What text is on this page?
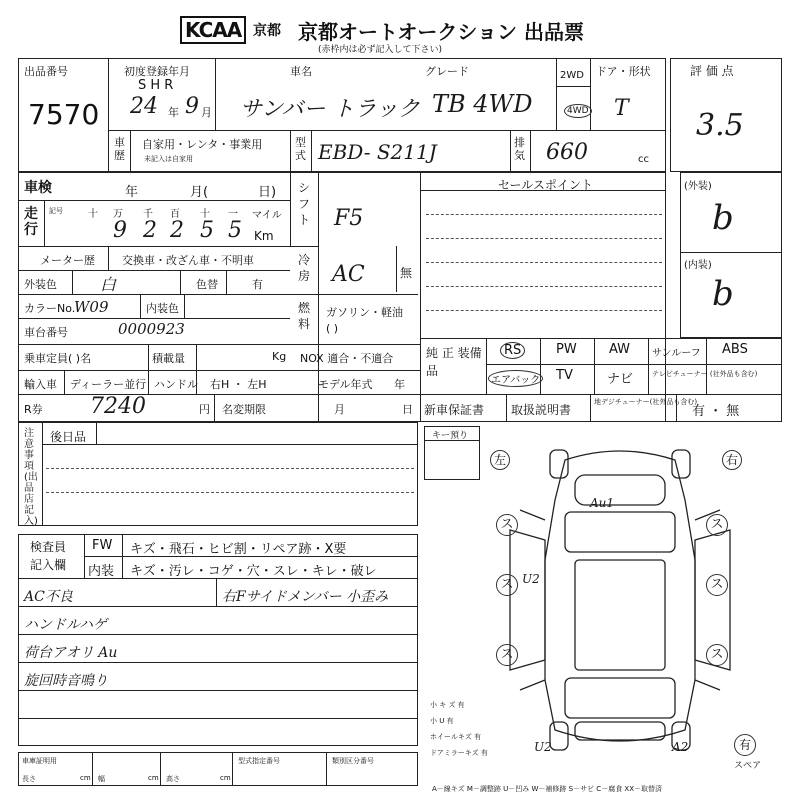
KCAA 京都 京都オートオークション 出品票
(赤枠内は必ず記入して下さい)
出品番号
7570
初度登録年月
S H R
24 年 9 月
車名	グレード
サンバー トラック TB 4WD
2WD
4WD
ドア・形状
T
車歴
自家用・レンタ・事業用
未記入は自家用
型式 EBD- S211J	排気 660	cc
評 価 点
3.5
車検	年	月(	日)
走行
記号	十 万 千 百 十 一 マイル
9 2 2 5 5 Km
シフト F5
セールスポイント
メーター歴 交換車・改ざん車・不明車	冷房 AC	無
外装色	白	色替	有
燃料
ガソリン・軽油
( )
カラーNo.
W09	内装色
車台番号	0000923
乗車定員( )名	積載量	Kg NOX 適合・不適合
輸入車 ディーラー並行 ハンドル 右H ・ 左H	モデル年式 年
R券 7240	円 名変期限	月	日
純 正 装備品
RS	PW AW サンルーフ ABS
エアバック TV	ナビ	テレビチューナー (社外品も含む)
新車保証書 取扱説明書
地デジチューナー(社外品も含む)
有 ・ 無
(外装)
b
(内装)
b
注意事項(出品店記入)
後日品
検査員 記入欄
FW キズ・飛石・ヒビ割・リペア跡・X要
内装 キズ・汚レ・コゲ・穴・スレ・キレ・破レ
AC不良	右Fサイドメンバー 小歪み
ハンドルハゲ
荷台アオリ Au
旋回時音鳴り
キー預り
左	右
ス	ス
ス	ス
ス	ス
Au1
U2
U2	A2
小 キ ズ 有
小 U 有
ホイールキズ 有
ドアミラーキズ 有
有
スペア
車庫証明用
長さ	cm 幅	cm 高さ	cm
型式指定番号	類別区分番号
A－線キズ M－調整跡 U－凹み W－補修跡 S－サビ C－腐食 XX－取替済
